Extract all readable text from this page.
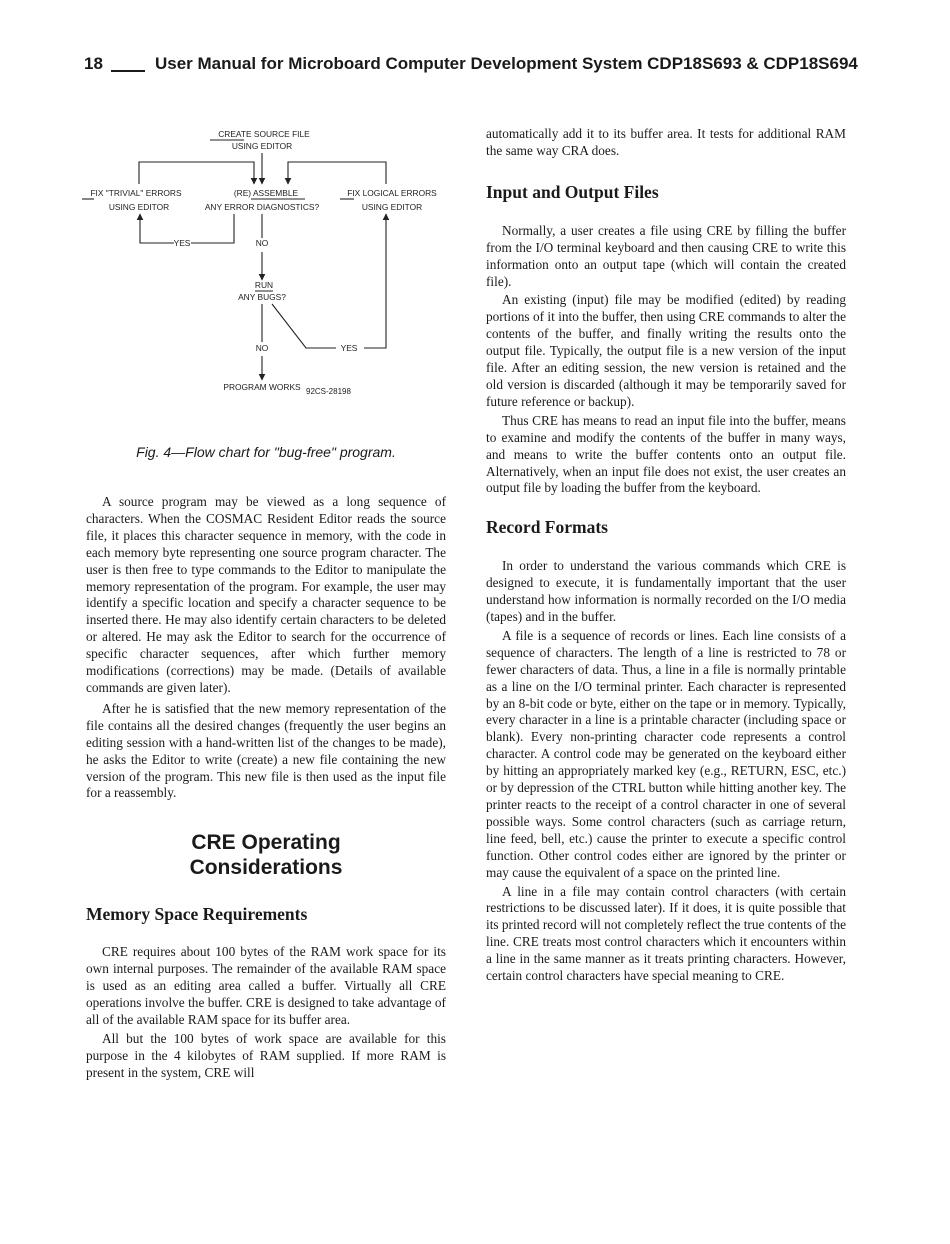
18	User Manual for Microboard Computer Development System CDP18S693 & CDP18S694
CREATE SOURCE FILE
USING EDITOR
FIX "TRIVIAL" ERRORS
USING EDITOR
(RE) ASSEMBLE
ANY ERROR DIAGNOSTICS?
FIX LOGICAL ERRORS
USING EDITOR
YES	NO
RUN
ANY BUGS?
NO	YES
PROGRAM WORKS 92CS-28198
Fig. 4—Flow chart for "bug-free" program.

A source program may be viewed as a long sequence of characters. When the COSMAC Resident Editor reads the source file, it places this character sequence in memory, with the code in each memory byte representing one source program character. The user is then free to type commands to the Editor to manipulate the memory representation of the program. For example, the user may identify a specific location and specify a character sequence to be inserted there. He may also identify certain characters to be deleted or altered. He may ask the Editor to search for the occurrence of specific character sequences, after which further memory modifications (corrections) may be made. (Details of available commands are given later).

After he is satisfied that the new memory representation of the file contains all the desired changes (frequently the user begins an editing session with a hand-written list of the changes to be made), he asks the Editor to write (create) a new file containing the new version of the program. This new file is then used as the input file for a reassembly.

CRE Operating

Considerations

Memory Space Requirements

CRE requires about 100 bytes of the RAM work space for its own internal purposes. The remainder of the available RAM space is used as an editing area called a buffer. Virtually all CRE operations involve the buffer. CRE is designed to take advantage of all of the available RAM space for its buffer area.

All but the 100 bytes of work space are available for this purpose in the 4 kilobytes of RAM supplied. If more RAM is present in the system, CRE will

automatically add it to its buffer area. It tests for additional RAM the same way CRA does.

Input and Output Files

Normally, a user creates a file using CRE by filling the buffer from the I/O terminal keyboard and then causing CRE to write this information onto an output tape (which will contain the created file).

An existing (input) file may be modified (edited) by reading portions of it into the buffer, then using CRE commands to alter the contents of the buffer, and finally writing the results onto the output file. Typically, the output file is a new version of the input file. After an editing session, the new version is retained and the old version is discarded (although it may be temporarily saved for future reference or backup).

Thus CRE has means to read an input file into the buffer, means to examine and modify the contents of the buffer in many ways, and means to write the buffer contents onto an output file. Alternatively, when an input file does not exist, the user creates an output file by loading the buffer from the keyboard.

Record Formats

In order to understand the various commands which CRE is designed to execute, it is fundamentally important that the user understand how information is normally recorded on the I/O media (tapes) and in the buffer.

A file is a sequence of records or lines. Each line consists of a sequence of characters. The length of a line is restricted to 78 or fewer characters of data. Thus, a line in a file is normally printable as a line on the I/O terminal printer. Each character is represented by an 8-bit code or byte, either on the tape or in memory. Typically, every character in a line is a printable character (including space or blank). Every non-printing character code represents a control character. A control code may be generated on the keyboard either by hitting an appropriately marked key (e.g., RETURN, ESC, etc.) or by depression of the CTRL button while hitting another key. The printer reacts to the receipt of a control character in one of several possible ways. Some control characters (such as carriage return, line feed, bell, etc.) cause the printer to execute a specific control function. Other control codes either are ignored by the printer or may cause the equivalent of a space on the printed line.

A line in a file may contain control characters (with certain restrictions to be discussed later). If it does, it is quite possible that its printed record will not completely reflect the true contents of the line. CRE treats most control characters which it encounters within a line in the same manner as it treats printing characters. However, certain control characters have special meaning to CRE.
